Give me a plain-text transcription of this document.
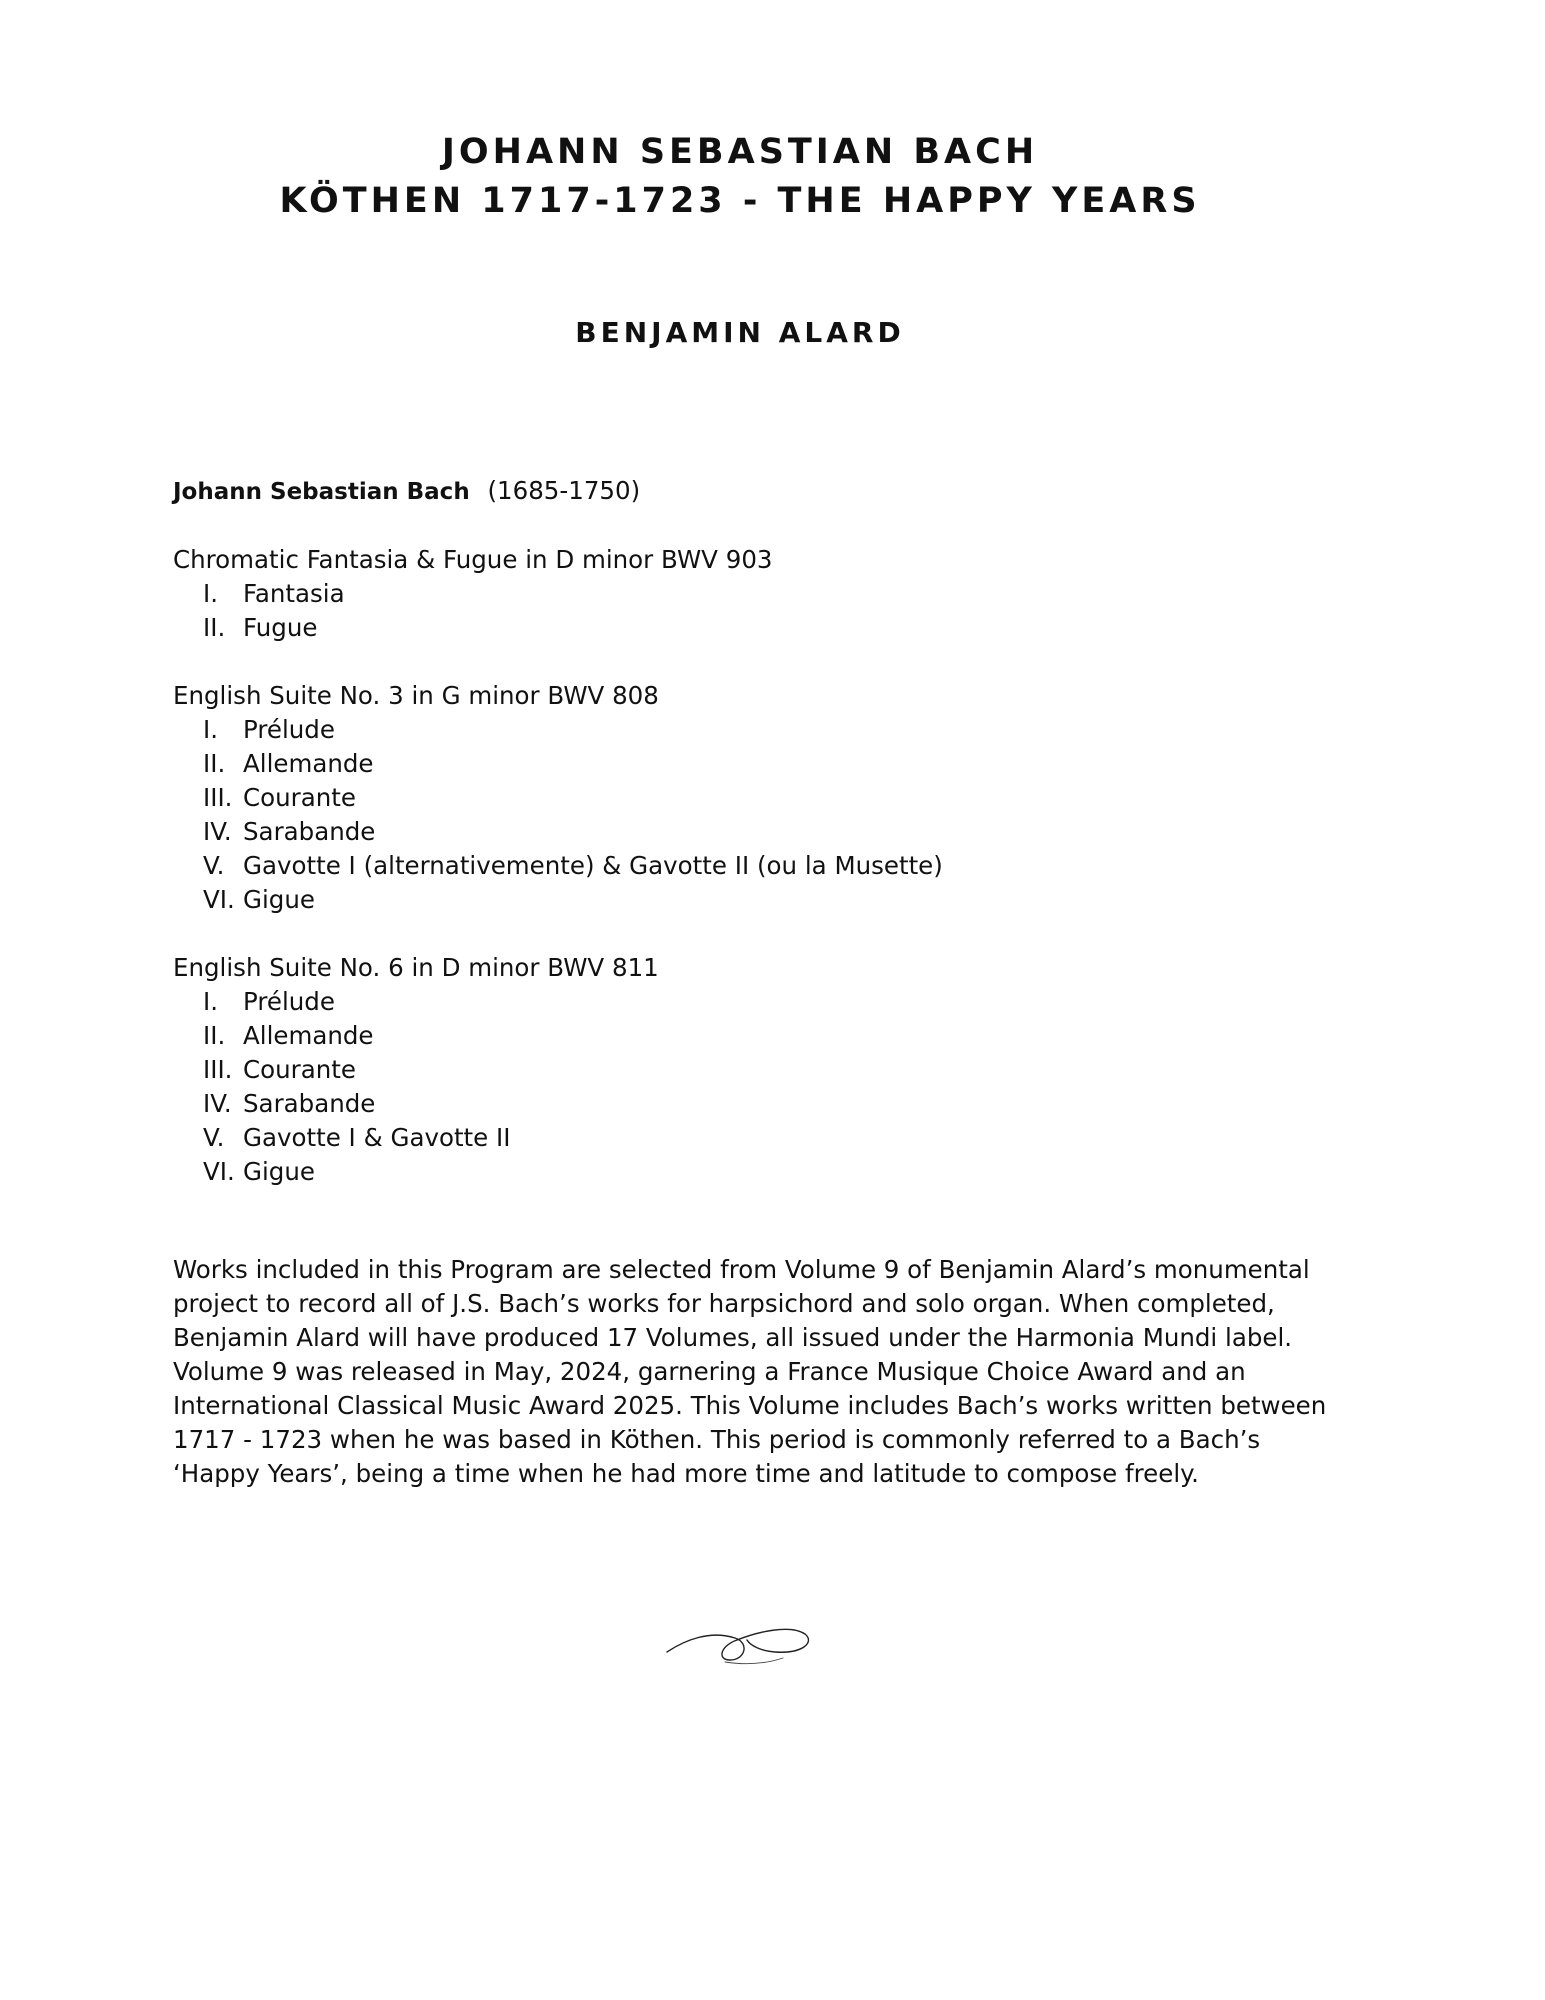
JOHANN SEBASTIAN BACH

KÖTHEN 1717-1723 - THE HAPPY YEARS

BENJAMIN ALARD

Johann Sebastian Bach (1685-1750)

Chromatic Fantasia & Fugue in D minor BWV 903

I.	Fantasia
II. Fugue

English Suite No. 3 in G minor BWV 808

I.	Prélude
II. Allemande
III. Courante
IV. Sarabande
V. Gavotte I (alternativemente) & Gavotte II (ou la Musette)
VI. Gigue

English Suite No. 6 in D minor BWV 811

I.	Prélude
II. Allemande
III. Courante
IV. Sarabande
V. Gavotte I & Gavotte II
VI. Gigue

Works included in this Program are selected from Volume 9 of Benjamin Alard’s monumental project to record all of J.S. Bach’s works for harpsichord and solo organ. When completed, Benjamin Alard will have produced 17 Volumes, all issued under the Harmonia Mundi label. Volume 9 was released in May, 2024, garnering a France Musique Choice Award and an International Classical Music Award 2025. This Volume includes Bach’s works written between 1717 - 1723 when he was based in Köthen. This period is commonly referred to a Bach’s ‘Happy Years’, being a time when he had more time and latitude to compose freely.
